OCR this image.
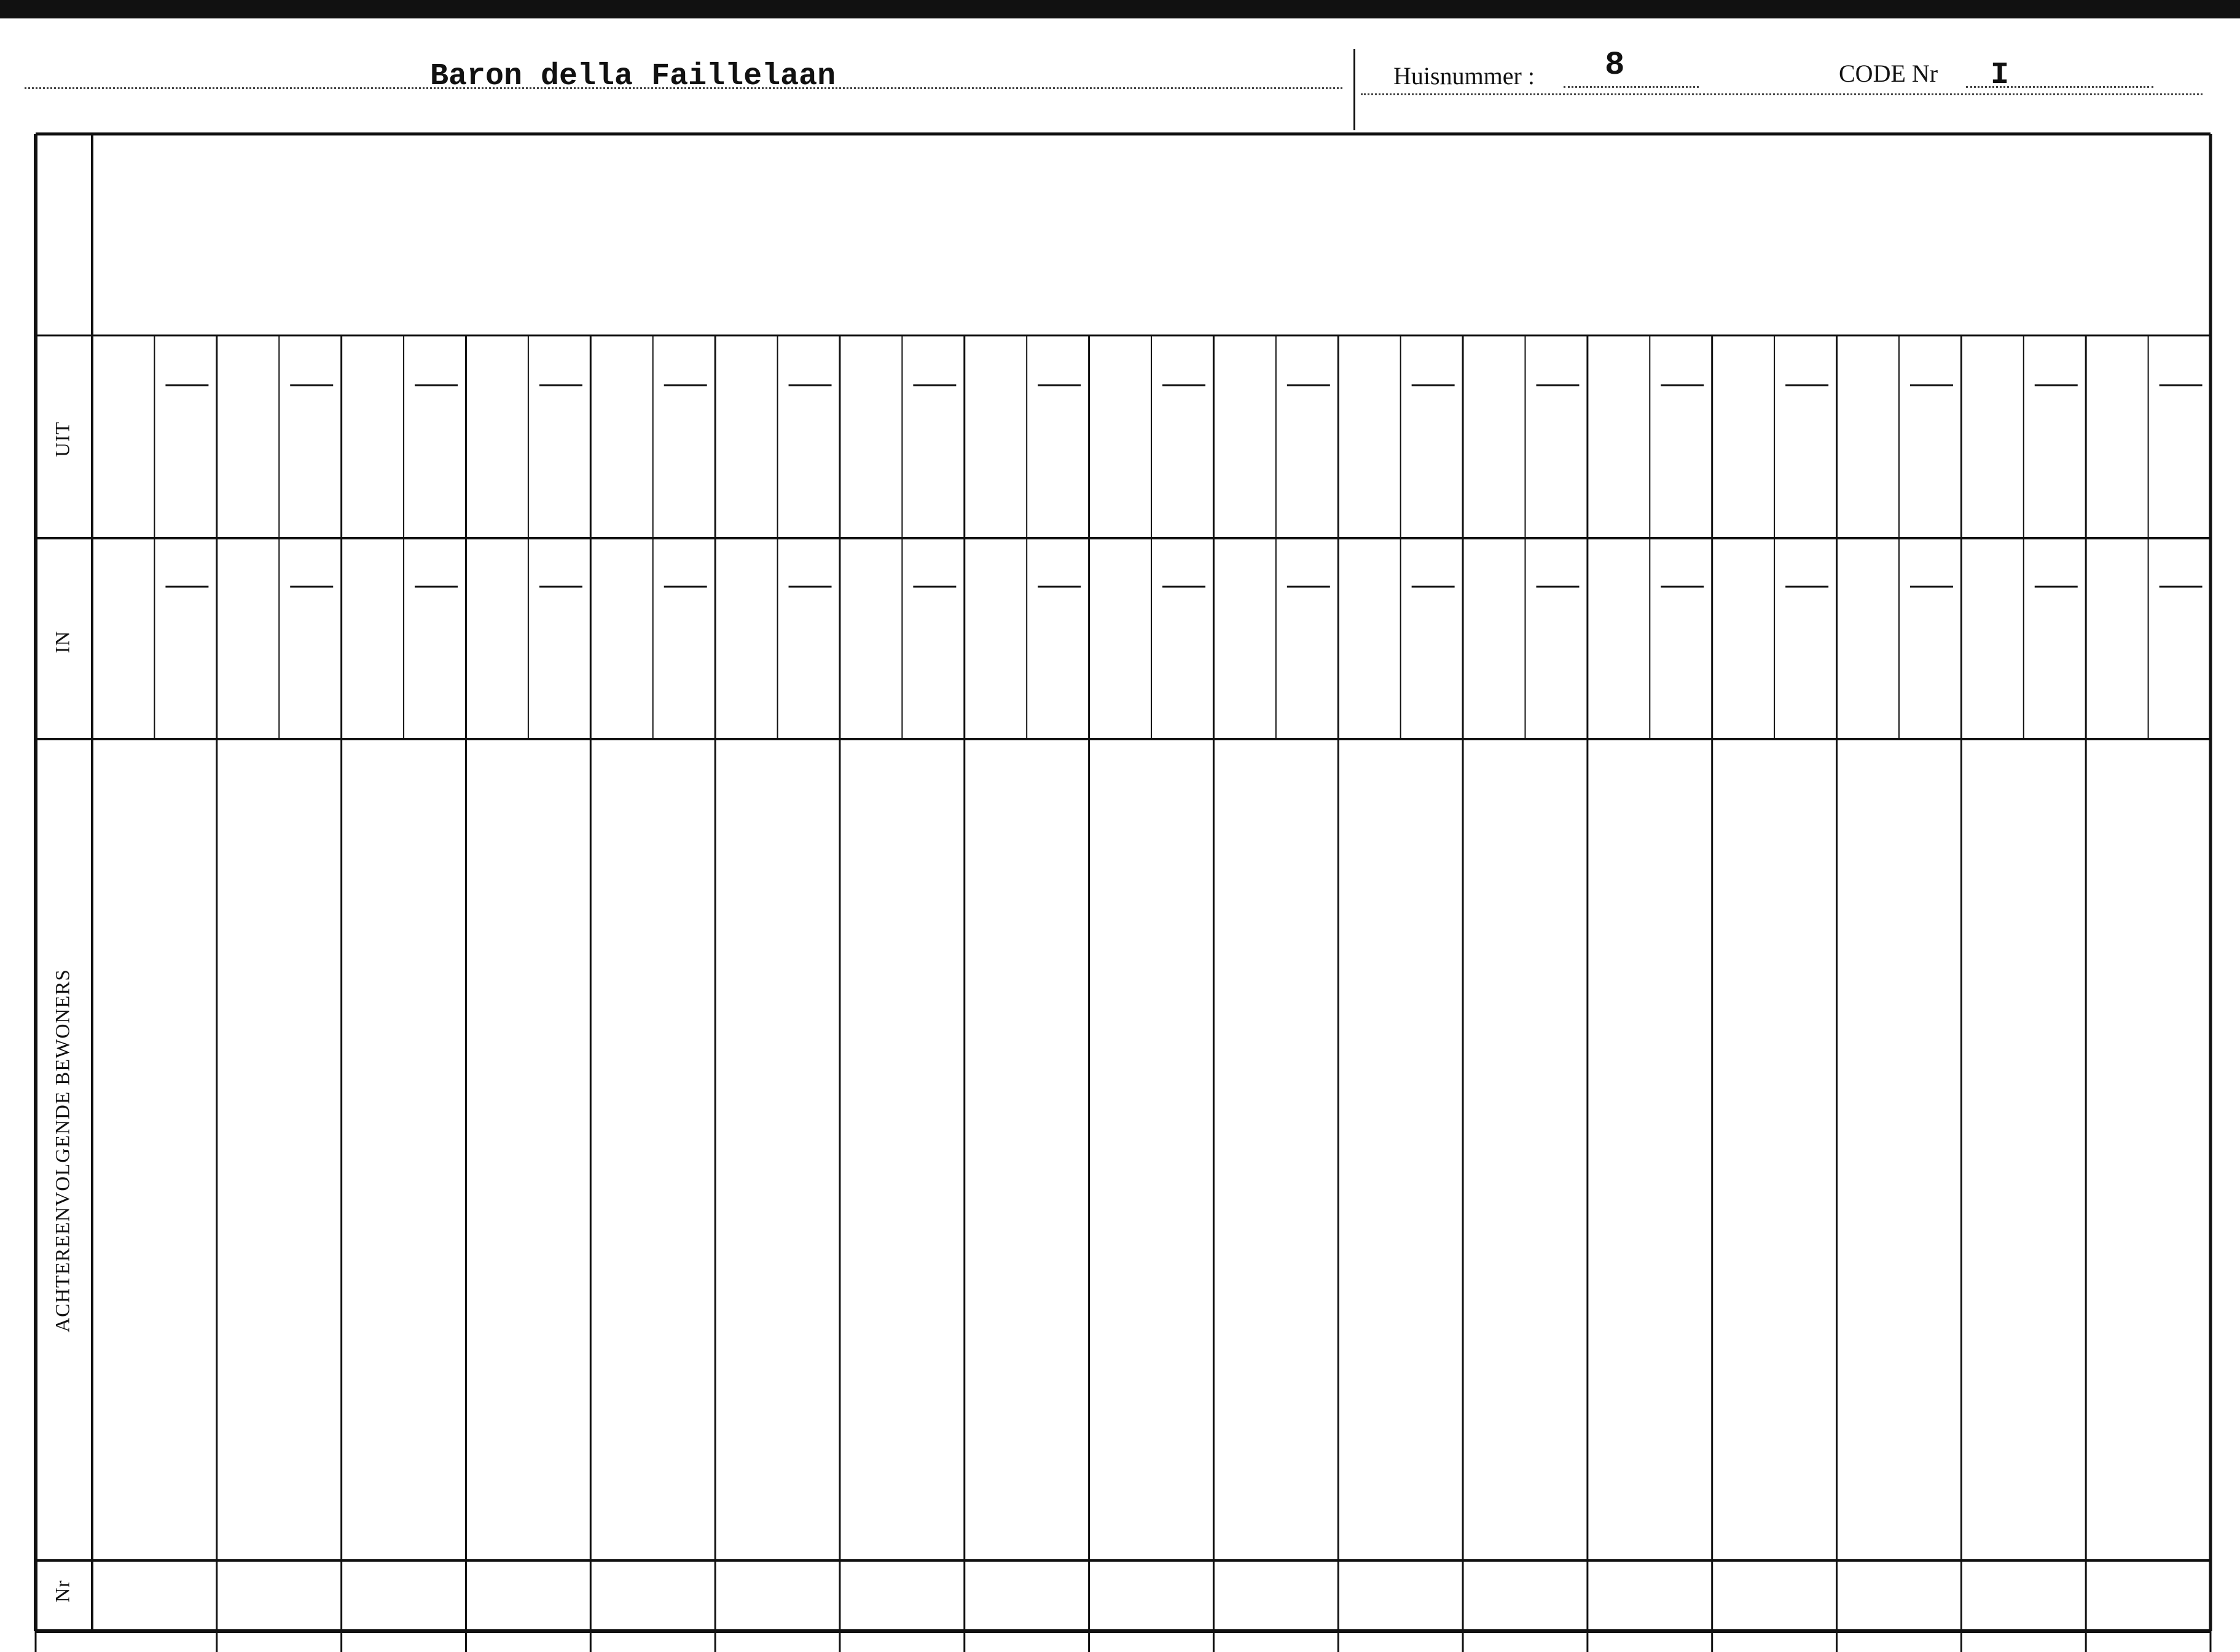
Baron della Faillelaan	Huisnummer : 8	CODE Nr I
UIT
IN
ACHTEREENVOLGENDE BEWONERS
Nr
